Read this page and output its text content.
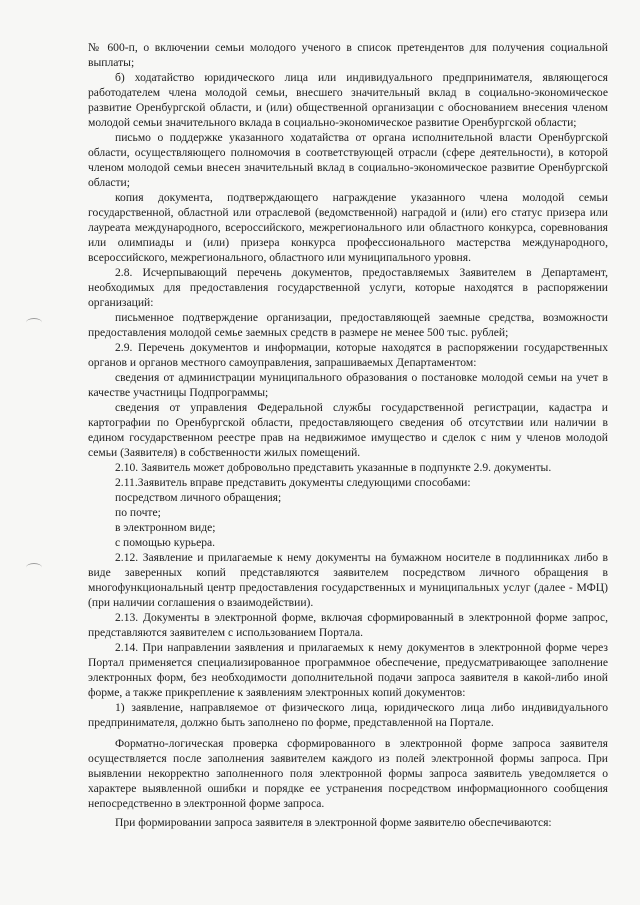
№ 600-п, о включении семьи молодого ученого в список претендентов для получения социальной выплаты;

б) ходатайство юридического лица или индивидуального предпринимателя, являющегося работодателем члена молодой семьи, внесшего значительный вклад в социально-экономическое развитие Оренбургской области, и (или) общественной организации с обоснованием внесения членом молодой семьи значительного вклада в социально-экономическое развитие Оренбургской области;

письмо о поддержке указанного ходатайства от органа исполнительной власти Оренбургской области, осуществляющего полномочия в соответствующей отрасли (сфере деятельности), в которой членом молодой семьи внесен значительный вклад в социально-экономическое развитие Оренбургской области;

копия документа, подтверждающего награждение указанного члена молодой семьи государственной, областной или отраслевой (ведомственной) наградой и (или) его статус призера или лауреата международного, всероссийского, межрегионального или областного конкурса, соревнования или олимпиады и (или) призера конкурса профессионального мастерства международного, всероссийского, межрегионального, областного или муниципального уровня.

2.8. Исчерпывающий перечень документов, предоставляемых Заявителем в Департамент, необходимых для предоставления государственной услуги, которые находятся в распоряжении организаций:

письменное подтверждение организации, предоставляющей заемные средства, возможности предоставления молодой семье заемных средств в размере не менее 500 тыс. рублей;

2.9. Перечень документов и информации, которые находятся в распоряжении государственных органов и органов местного самоуправления, запрашиваемых Департаментом:

сведения от администрации муниципального образования о постановке молодой семьи на учет в качестве участницы Подпрограммы;

сведения от управления Федеральной службы государственной регистрации, кадастра и картографии по Оренбургской области, предоставляющего сведения об отсутствии или наличии в едином государственном реестре прав на недвижимое имущество и сделок с ним у членов молодой семьи (Заявителя) в собственности жилых помещений.

2.10. Заявитель может добровольно представить указанные в подпункте 2.9. документы.

2.11.Заявитель вправе представить документы следующими способами:

посредством личного обращения;

по почте;

в электронном виде;

с помощью курьера.

2.12. Заявление и прилагаемые к нему документы на бумажном носителе в подлинниках либо в виде заверенных копий представляются заявителем посредством личного обращения в многофункциональный центр предоставления государственных и муниципальных услуг (далее - МФЦ) (при наличии соглашения о взаимодействии).

2.13. Документы в электронной форме, включая сформированный в электронной форме запрос, представляются заявителем с использованием Портала.

2.14. При направлении заявления и прилагаемых к нему документов в электронной форме через Портал применяется специализированное программное обеспечение, предусматривающее заполнение электронных форм, без необходимости дополнительной подачи запроса заявителя в какой-либо иной форме, а также прикрепление к заявлениям электронных копий документов:

1) заявление, направляемое от физического лица, юридического лица либо индивидуального предпринимателя, должно быть заполнено по форме, представленной на Портале.

Форматно-логическая проверка сформированного в электронной форме запроса заявителя осуществляется после заполнения заявителем каждого из полей электронной формы запроса. При выявлении некорректно заполненного поля электронной формы запроса заявитель уведомляется о характере выявленной ошибки и порядке ее устранения посредством информационного сообщения непосредственно в электронной форме запроса.

При формировании запроса заявителя в электронной форме заявителю обеспечиваются:
